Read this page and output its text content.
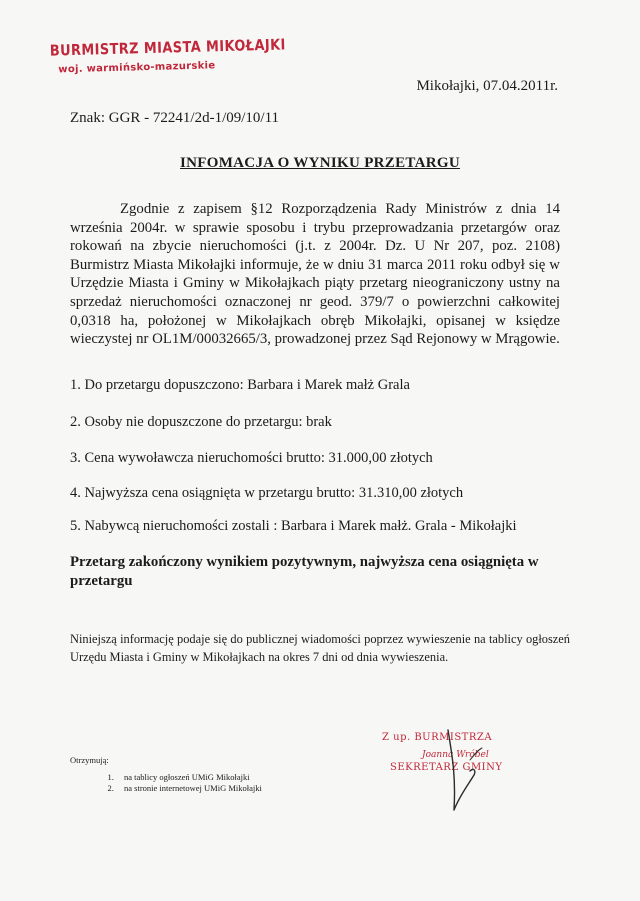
BURMISTRZ MIASTA MIKOŁAJKI
woj. warmińsko-mazurskie
Mikołajki, 07.04.2011r.
Znak: GGR - 72241/2d-1/09/10/11
INFOMACJA O WYNIKU PRZETARGU

Zgodnie z zapisem §12 Rozporządzenia Rady Ministrów z dnia 14 września 2004r. w sprawie sposobu i trybu przeprowadzania przetargów oraz rokowań na zbycie nieruchomości (j.t. z 2004r. Dz. U Nr 207, poz. 2108) Burmistrz Miasta Mikołajki informuje, że w dniu 31 marca 2011 roku odbył się w Urzędzie Miasta i Gminy w Mikołajkach piąty przetarg nieograniczony ustny na sprzedaż nieruchomości oznaczonej nr geod. 379/7 o powierzchni całkowitej 0,0318 ha, położonej w Mikołajkach obręb Mikołajki, opisanej w księdze wieczystej nr OL1M/00032665/3, prowadzonej przez Sąd Rejonowy w Mrągowie.

1. Do przetargu dopuszczono: Barbara i Marek małż Grala
2. Osoby nie dopuszczone do przetargu: brak
3. Cena wywoławcza nieruchomości brutto: 31.000,00 złotych
4. Najwyższa cena osiągnięta w przetargu brutto: 31.310,00 złotych
5. Nabywcą nieruchomości zostali : Barbara i Marek małż. Grala - Mikołajki

Przetarg zakończony wynikiem pozytywnym, najwyższa cena osiągnięta w przetargu

Niniejszą informację podaje się do publicznej wiadomości poprzez wywieszenie na tablicy ogłoszeń Urzędu Miasta i Gminy w Mikołajkach na okres 7 dni od dnia wywieszenia.

Otrzymują:
1. na tablicy ogłoszeń UMiG Mikołajki
2. na stronie internetowej UMiG Mikołajki
Z up. BURMISTRZA
Joanna Wróbel
SEKRETARZ GMINY
